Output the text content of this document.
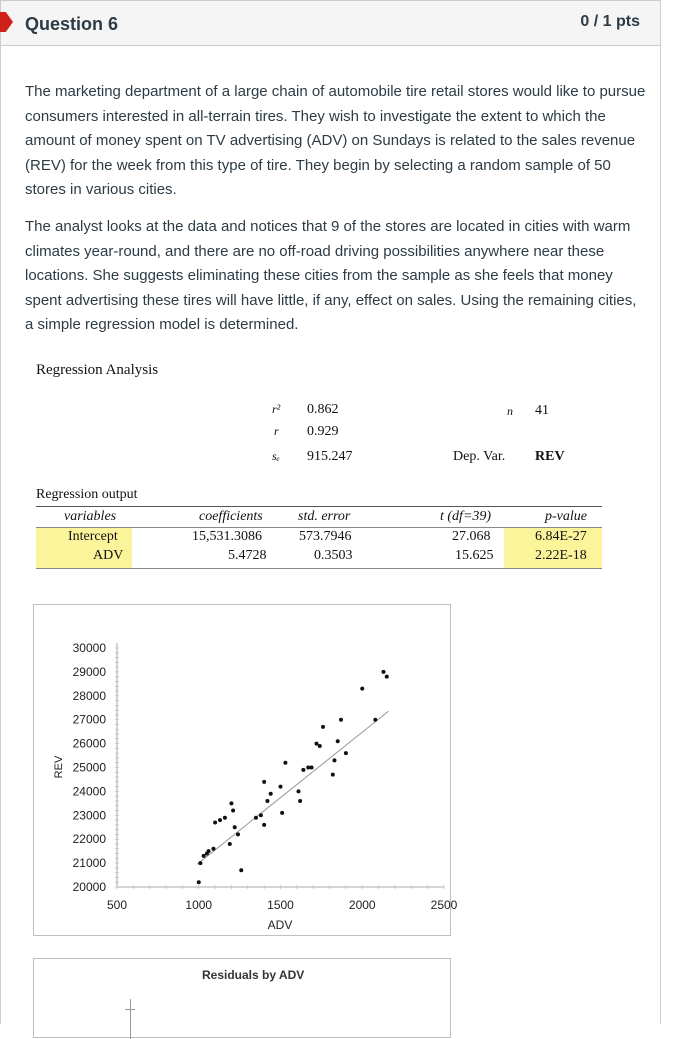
Question 6	0 / 1 pts

The marketing department of a large chain of automobile tire retail stores would like to pursue consumers interested in all-terrain tires. They wish to investigate the extent to which the amount of money spent on TV advertising (ADV) on Sundays is related to the sales revenue (REV) for the week from this type of tire. They begin by selecting a random sample of 50 stores in various cities.

The analyst looks at the data and notices that 9 of the stores are located in cities with warm climates year-round, and there are no off-road driving possibilities anywhere near these locations. She suggests eliminating these cities from the sample as she feels that money spent advertising these tires will have little, if any, effect on sales. Using the remaining cities, a simple regression model is determined.

Regression Analysis
r² 0.862
r 0.929
sₑ 915.247
n 41
Dep. Var. REV
Regression output
variables	coefficients	std. error	t (df=39)	p-value
Intercept	15,531.3086	573.7946	27.068	6.84E-27
ADV	5.4728	0.3503	15.625	2.22E-18
30000
29000
28000
27000
26000
25000
24000
23000
22000
21000
20000
500	1000	1500	2000	2500
ADV
REV
Residuals by ADV
